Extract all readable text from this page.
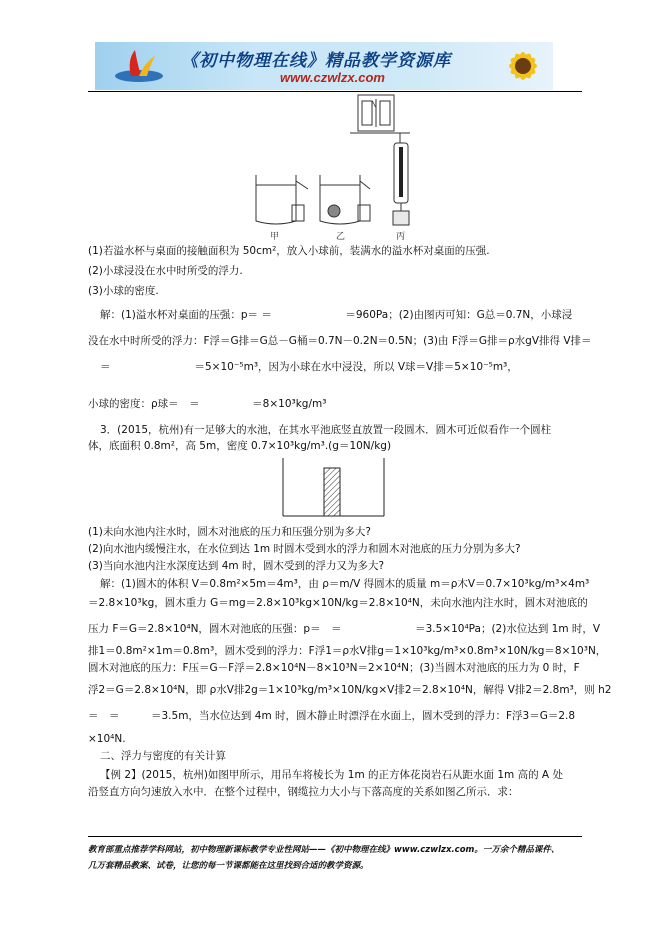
《初中物理在线》精品教学资源库
www.czwlzx.com
甲	乙	丙
N
(1)若溢水杯与桌面的接触面积为 50cm²，放入小球前，装满水的溢水杯对桌面的压强.
(2)小球浸没在水中时所受的浮力.
(3)小球的密度.
解：(1)溢水杯对桌面的压强：p＝ ＝　　　　　　　＝960Pa；(2)由图丙可知：G总＝0.7N，小球浸
没在水中时所受的浮力：F浮＝G排＝G总－G桶＝0.7N－0.2N＝0.5N；(3)由 F浮＝G排＝ρ水gV排得 V排＝
＝　　　　　　　　＝5×10⁻⁵m³，因为小球在水中浸没，所以 V球＝V排＝5×10⁻⁵m³，
小球的密度：ρ球＝　＝　　　　　＝8×10³kg/m³
3．(2015，杭州)有一足够大的水池，在其水平池底竖直放置一段圆木．圆木可近似看作一个圆柱
体，底面积 0.8m²，高 5m，密度 0.7×10³kg/m³.(g＝10N/kg)
(1)未向水池内注水时，圆木对池底的压力和压强分别为多大?
(2)向水池内缓慢注水，在水位到达 1m 时圆木受到水的浮力和圆木对池底的压力分别为多大?
(3)当向水池内注水深度达到 4m 时，圆木受到的浮力又为多大?
解：(1)圆木的体积 V＝0.8m²×5m＝4m³，由 ρ＝m/V 得圆木的质量 m＝ρ木V＝0.7×10³kg/m³×4m³
＝2.8×10³kg，圆木重力 G＝mg＝2.8×10³kg×10N/kg＝2.8×10⁴N，未向水池内注水时，圆木对池底的
压力 F＝G＝2.8×10⁴N，圆木对池底的压强：p＝　＝　　　　　　　＝3.5×10⁴Pa；(2)水位达到 1m 时，V
排1＝0.8m²×1m＝0.8m³，圆木受到的浮力：F浮1＝ρ水V排g＝1×10³kg/m³×0.8m³×10N/kg＝8×10³N，
圆木对池底的压力：F压＝G－F浮＝2.8×10⁴N－8×10³N＝2×10⁴N；(3)当圆木对池底的压力为 0 时，F
浮2＝G＝2.8×10⁴N，即 ρ水V排2g＝1×10³kg/m³×10N/kg×V排2＝2.8×10⁴N，解得 V排2＝2.8m³，则 h2
＝　＝　　　＝3.5m，当水位达到 4m 时，圆木静止时漂浮在水面上，圆木受到的浮力：F浮3＝G＝2.8
×10⁴N.
二、浮力与密度的有关计算
【例 2】(2015，杭州)如图甲所示，用吊车将棱长为 1m 的正方体花岗岩石从距水面 1m 高的 A 处
沿竖直方向匀速放入水中．在整个过程中，钢缆拉力大小与下落高度的关系如图乙所示．求：
教育部重点推荐学科网站，初中物理新课标教学专业性网站——《初中物理在线》www.czwlzx.com。一万余个精品课件、
几万套精品教案、试卷，让您的每一节课都能在这里找到合适的教学资源。
